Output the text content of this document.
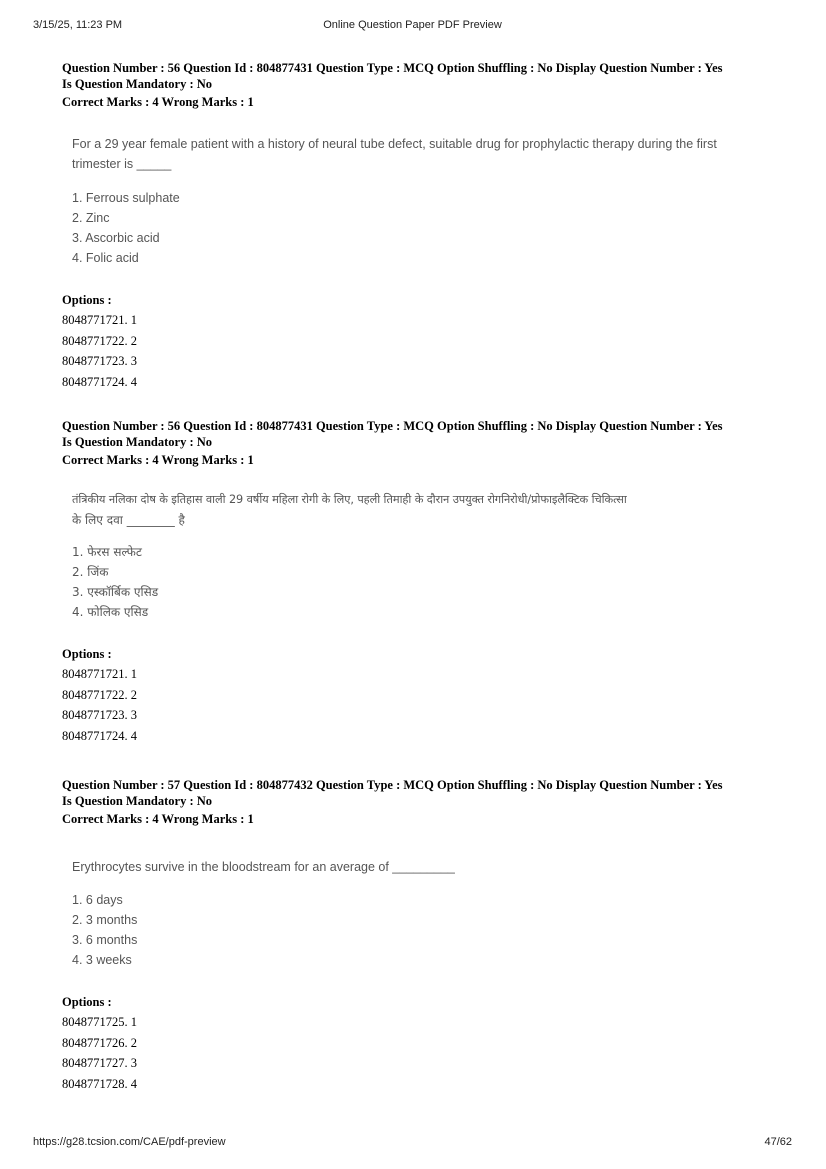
3/15/25, 11:23 PM	Online Question Paper PDF Preview

Question Number : 56 Question Id : 804877431 Question Type : MCQ Option Shuffling : No Display Question Number : Yes

Is Question Mandatory : No

Correct Marks : 4 Wrong Marks : 1

For a 29 year female patient with a history of neural tube defect, suitable drug for prophylactic therapy during the first

trimester is _____

1. Ferrous sulphate

2. Zinc

3. Ascorbic acid

4. Folic acid

Options :
8048771721. 1
8048771722. 2
8048771723. 3
8048771724. 4

Question Number : 56 Question Id : 804877431 Question Type : MCQ Option Shuffling : No Display Question Number : Yes

Is Question Mandatory : No

Correct Marks : 4 Wrong Marks : 1

तंत्रिकीय नलिका दोष के इतिहास वाली 29 वर्षीय महिला रोगी के लिए, पहली तिमाही के दौरान उपयुक्त रोगनिरोधी/प्रोफाइलैक्टिक चिकित्सा

के लिए दवा ________ है

1. फेरस सल्फेट

2. जिंक

3. एस्कॉर्बिक एसिड

4. फोलिक एसिड

Options :
8048771721. 1
8048771722. 2
8048771723. 3
8048771724. 4

Question Number : 57 Question Id : 804877432 Question Type : MCQ Option Shuffling : No Display Question Number : Yes

Is Question Mandatory : No

Correct Marks : 4 Wrong Marks : 1

Erythrocytes survive in the bloodstream for an average of _________

1. 6 days

2. 3 months

3. 6 months

4. 3 weeks

Options :
8048771725. 1
8048771726. 2
8048771727. 3
8048771728. 4
https://g28.tcsion.com/CAE/pdf-preview	47/62
